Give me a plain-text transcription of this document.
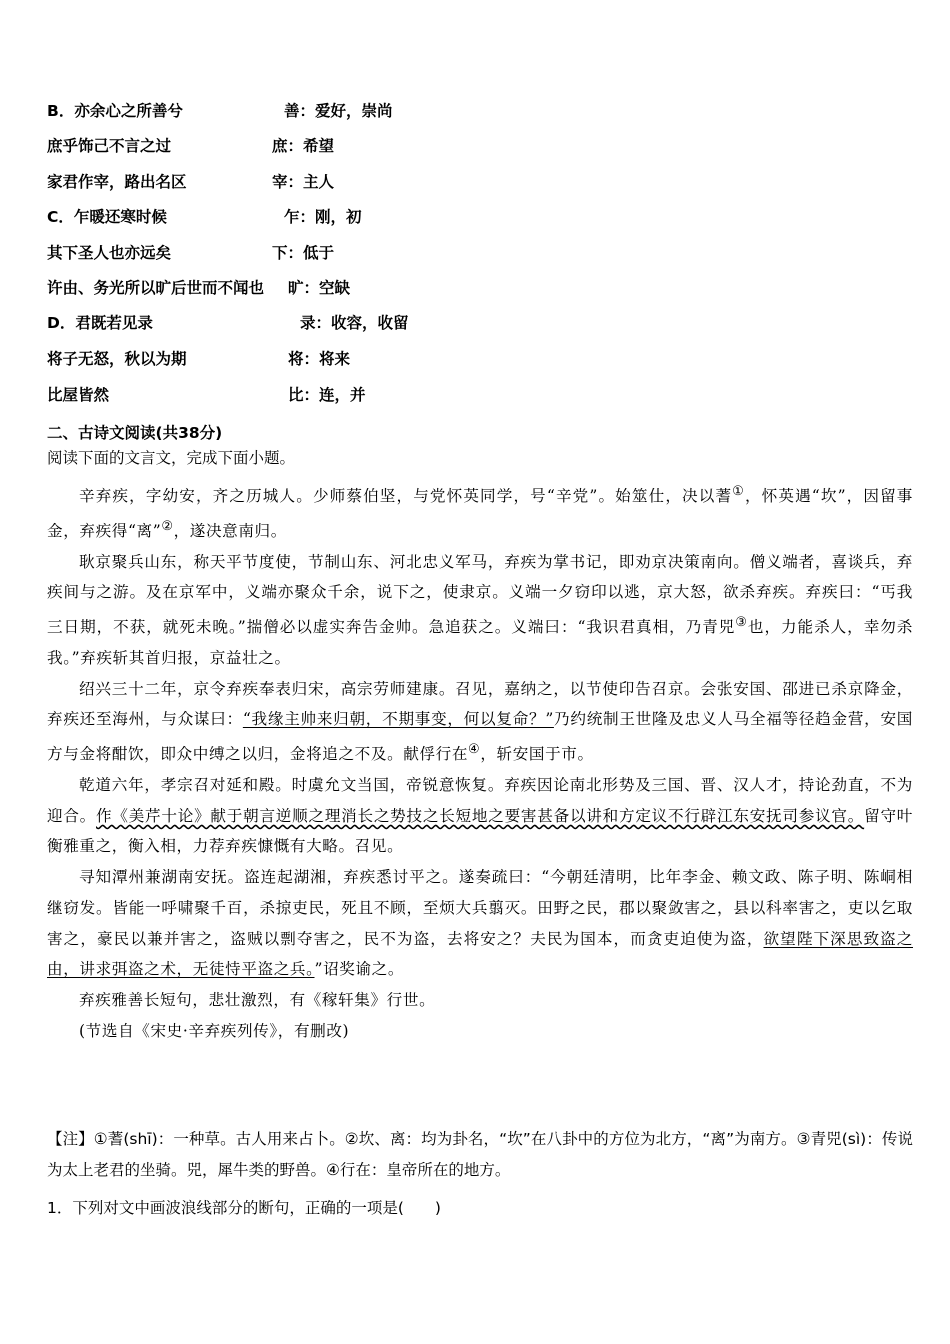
B．亦余心之所善兮	善：爱好，崇尚
庶乎饰己不言之过	庶：希望
家君作宰，路出名区	宰：主人
C．乍暖还寒时候	乍：刚，初
其下圣人也亦远矣	下：低于
许由、务光所以旷后世而不闻也 旷：空缺
D．君既若见录	录：收容，收留
将子无怒，秋以为期	将：将来
比屋皆然	比：连，并
二、古诗文阅读(共38分)
阅读下面的文言文，完成下面小题。

辛弃疾，字幼安，齐之历城人。少师蔡伯坚，与党怀英同学，号“辛党”。始筮仕，决以蓍①，怀英遇“坎”，因留事金，弃疾得“离”②，遂决意南归。

耿京聚兵山东，称天平节度使，节制山东、河北忠义军马，弃疾为掌书记，即劝京决策南向。僧义端者，喜谈兵，弃疾间与之游。及在京军中，义端亦聚众千余，说下之，使隶京。义端一夕窃印以逃，京大怒，欲杀弃疾。弃疾曰：“丐我三日期，不获，就死未晚。”揣僧必以虚实奔告金帅。急追获之。义端曰：“我识君真相，乃青兕③也，力能杀人，幸勿杀我。”弃疾斩其首归报，京益壮之。

绍兴三十二年，京令弃疾奉表归宋，高宗劳师建康。召见，嘉纳之，以节使印告召京。会张安国、邵进已杀京降金，弃疾还至海州，与众谋曰：“我缘主帅来归朝，不期事变，何以复命？”乃约统制王世隆及忠义人马全福等径趋金营，安国方与金将酣饮，即众中缚之以归，金将追之不及。献俘行在④，斩安国于市。

乾道六年，孝宗召对延和殿。时虞允文当国，帝锐意恢复。弃疾因论南北形势及三国、晋、汉人才，持论劲直，不为迎合。作《美芹十论》献于朝言逆顺之理消长之势技之长短地之要害甚备以讲和方定议不行辟江东安抚司参议官。留守叶衡雅重之，衡入相，力荐弃疾慷慨有大略。召见。

寻知潭州兼湖南安抚。盗连起湖湘，弃疾悉讨平之。遂奏疏曰：“今朝廷清明，比年李金、赖文政、陈子明、陈峒相继窃发。皆能一呼啸聚千百，杀掠吏民，死且不顾，至烦大兵翦灭。田野之民，郡以聚敛害之，县以科率害之，吏以乞取害之，豪民以兼并害之，盗贼以剽夺害之，民不为盗，去将安之？夫民为国本，而贪吏迫使为盗，欲望陛下深思致盗之由，讲求弭盗之术，无徒恃平盗之兵。”诏奖谕之。

弃疾雅善长短句，悲壮激烈，有《稼轩集》行世。

(节选自《宋史·辛弃疾列传》，有删改)

【注】①蓍(shī)：一种草。古人用来占卜。②坎、离：均为卦名，“坎”在八卦中的方位为北方，“离”为南方。③青兕(sì)：传说为太上老君的坐骑。兕，犀牛类的野兽。④行在：皇帝所在的地方。
1．下列对文中画波浪线部分的断句，正确的一项是(　　)
